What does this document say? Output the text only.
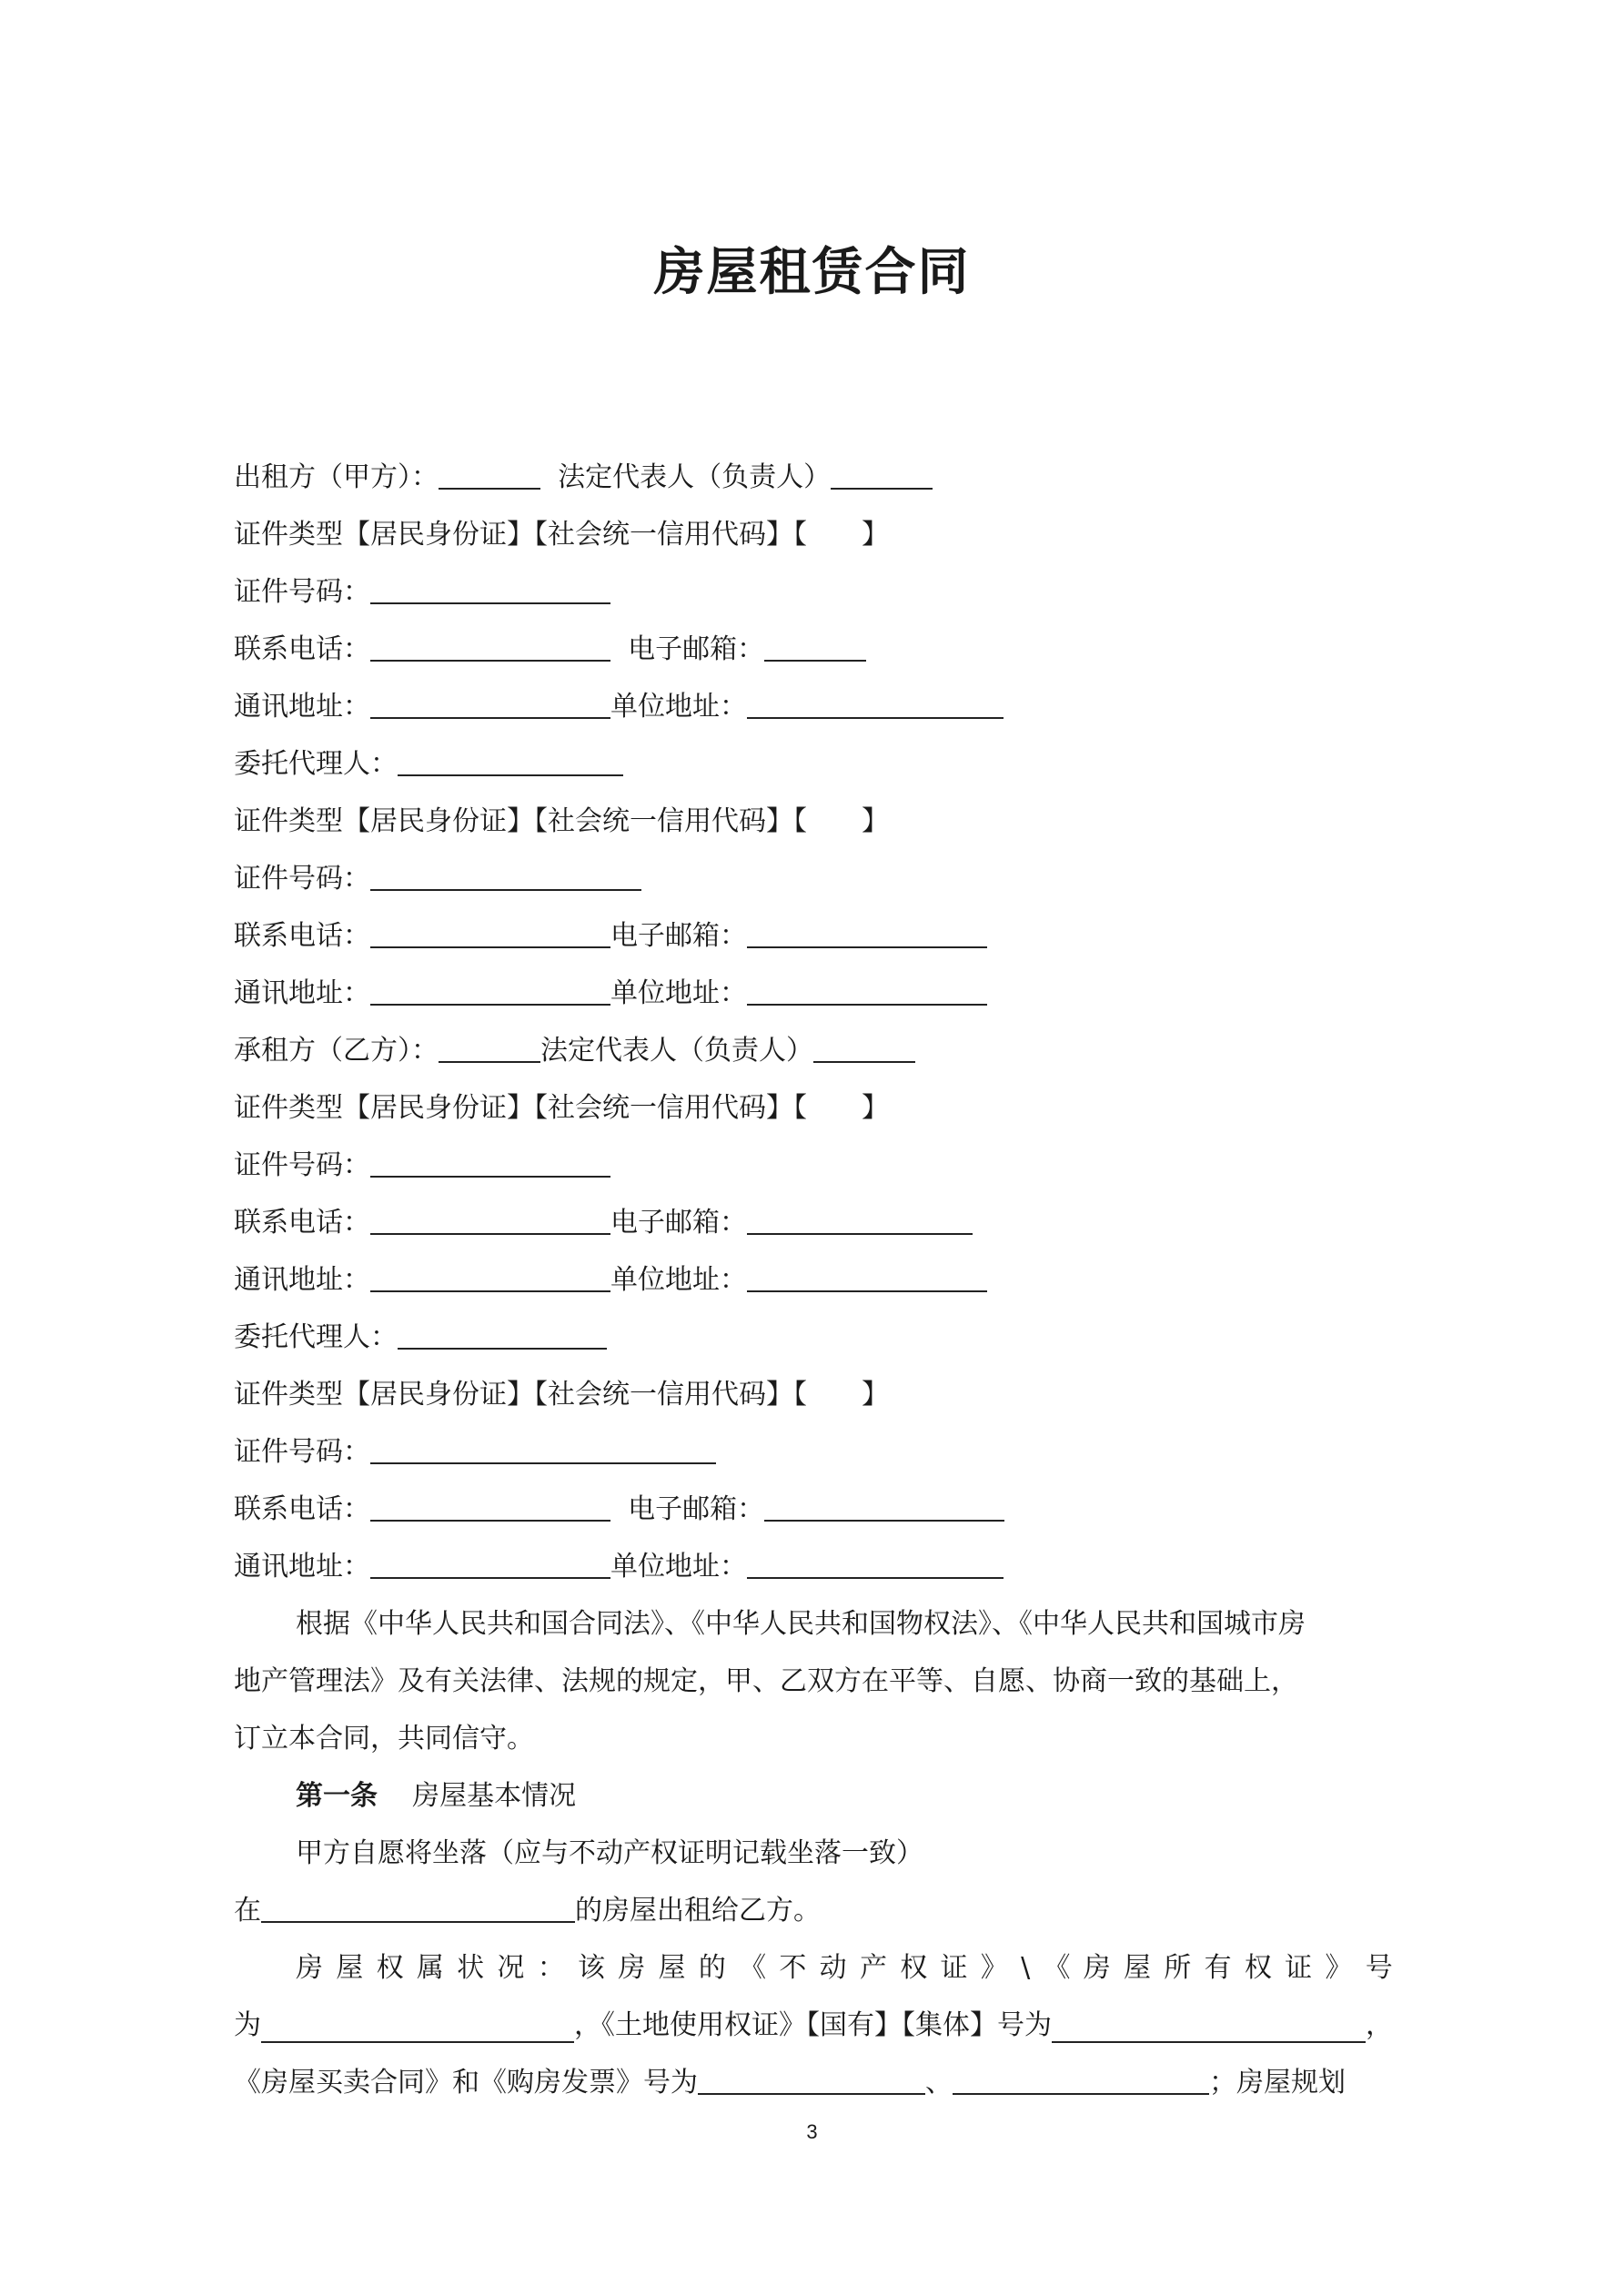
房屋租赁合同
出租方（甲方）：	法定代表人（负责人）
证件类型【居民身份证】【社会统一信用代码】【　　】
证件号码：
联系电话：	电子邮箱：
通讯地址：	单位地址：
委托代理人：
证件类型【居民身份证】【社会统一信用代码】【　　】
证件号码：
联系电话：	电子邮箱：
通讯地址：	单位地址：
承租方（乙方）：	法定代表人（负责人）
证件类型【居民身份证】【社会统一信用代码】【　　】
证件号码：
联系电话：	电子邮箱：
通讯地址：	单位地址：
委托代理人：
证件类型【居民身份证】【社会统一信用代码】【　　】
证件号码：
联系电话：	电子邮箱：
通讯地址：	单位地址：
根据《中华人民共和国合同法》、《中华人民共和国物权法》、《中华人民共和国城市房
地产管理法》及有关法律、法规的规定，甲、乙双方在平等、自愿、协商一致的基础上，
订立本合同，共同信守。
第一条 房屋基本情况
甲方自愿将坐落（应与不动产权证明记载坐落一致）
在	的房屋出租给乙方。
房 屋 权 属 状 况 ： 该 房 屋 的 《 不 动 产 权 证 》 \ 《 房 屋 所 有 权 证 》 号
为	，《土地使用权证》【国有】【集体】号为	，
《房屋买卖合同》和《购房发票》号为	、	；房屋规划
3
